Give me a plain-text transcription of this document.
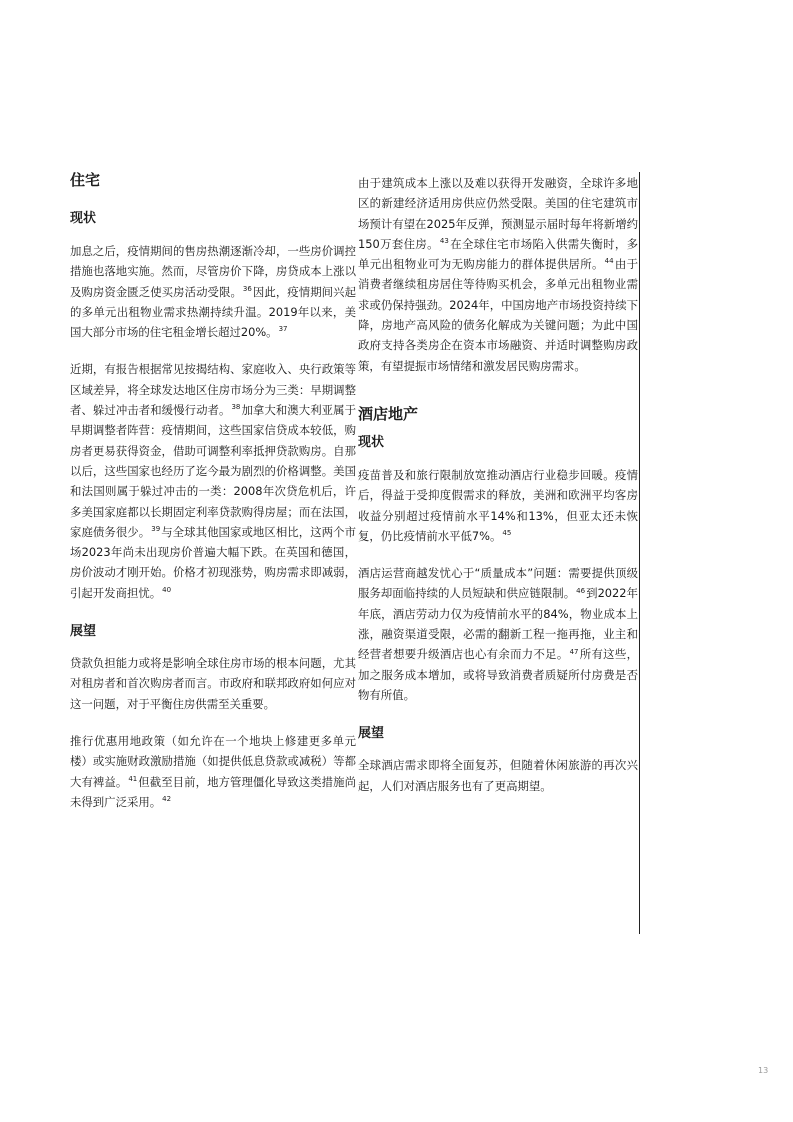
住宅
现状

加息之后，疫情期间的售房热潮逐渐冷却，一些房价调控措施也落地实施。然而，尽管房价下降，房贷成本上涨以及购房资金匮乏使买房活动受限。$^{36}$因此，疫情期间兴起的多单元出租物业需求热潮持续升温。2019年以来，美国大部分市场的住宅租金增长超过20%。$^{37}$

近期，有报告根据常见按揭结构、家庭收入、央行政策等区域差异，将全球发达地区住房市场分为三类：早期调整者、躲过冲击者和缓慢行动者。$^{38}$加拿大和澳大利亚属于早期调整者阵营：疫情期间，这些国家信贷成本较低，购房者更易获得资金，借助可调整利率抵押贷款购房。自那以后，这些国家也经历了迄今最为剧烈的价格调整。美国和法国则属于躲过冲击的一类：2008年次贷危机后，许多美国家庭都以长期固定利率贷款购得房屋；而在法国，家庭债务很少。$^{39}$与全球其他国家或地区相比，这两个市场2023年尚未出现房价普遍大幅下跌。在英国和德国，房价波动才刚开始。价格才初现涨势，购房需求即减弱，引起开发商担忧。$^{40}$

展望

贷款负担能力或将是影响全球住房市场的根本问题，尤其对租房者和首次购房者而言。市政府和联邦政府如何应对这一问题，对于平衡住房供需至关重要。

推行优惠用地政策（如允许在一个地块上修建更多单元楼）或实施财政激励措施（如提供低息贷款或减税）等都大有裨益。$^{41}$但截至目前，地方管理僵化导致这类措施尚未得到广泛采用。$^{42}$

由于建筑成本上涨以及难以获得开发融资，全球许多地区的新建经济适用房供应仍然受限。美国的住宅建筑市场预计有望在2025年反弹，预测显示届时每年将新增约150万套住房。$^{43}$在全球住宅市场陷入供需失衡时，多单元出租物业可为无购房能力的群体提供居所。$^{44}$由于消费者继续租房居住等待购买机会，多单元出租物业需求或仍保持强劲。2024年，中国房地产市场投资持续下降，房地产高风险的债务化解成为关键问题；为此中国政府支持各类房企在资本市场融资、并适时调整购房政策，有望提振市场情绪和激发居民购房需求。

酒店地产
现状

疫苗普及和旅行限制放宽推动酒店行业稳步回暖。疫情后，得益于受抑度假需求的释放，美洲和欧洲平均客房收益分别超过疫情前水平14%和13%，但亚太还未恢复，仍比疫情前水平低7%。$^{45}$

酒店运营商越发忧心于“质量成本”问题：需要提供顶级服务却面临持续的人员短缺和供应链限制。$^{46}$到2022年年底，酒店劳动力仅为疫情前水平的84%，物业成本上涨，融资渠道受限，必需的翻新工程一拖再拖，业主和经营者想要升级酒店也心有余而力不足。$^{47}$所有这些，加之服务成本增加，或将导致消费者质疑所付房费是否物有所值。

展望

全球酒店需求即将全面复苏，但随着休闲旅游的再次兴起，人们对酒店服务也有了更高期望。

13
